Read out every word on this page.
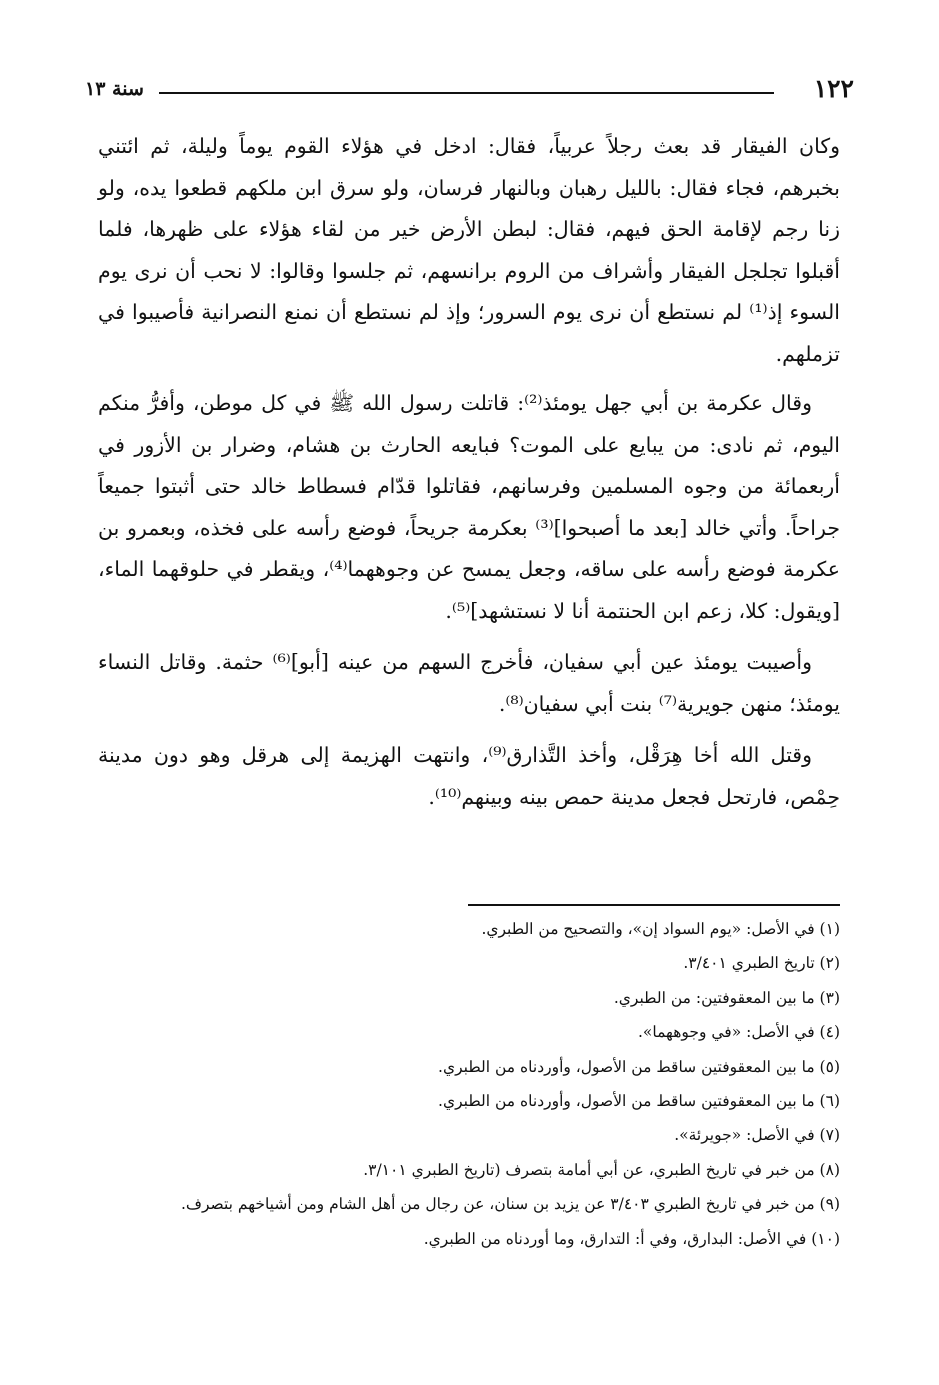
١٢٢
سنة ١٣

وكان الفيقار قد بعث رجلاً عربياً، فقال: ادخل في هؤلاء القوم يوماً وليلة، ثم ائتني بخبرهم، فجاء فقال: بالليل رهبان وبالنهار فرسان، ولو سرق ابن ملكهم قطعوا يده، ولو زنا رجم لإقامة الحق فيهم، فقال: لبطن الأرض خير من لقاء هؤلاء على ظهرها، فلما أقبلوا تجلجل الفيقار وأشراف من الروم برانسهم، ثم جلسوا وقالوا: لا نحب أن نرى يوم السوء إذ⁽¹⁾ لم نستطع أن نرى يوم السرور؛ وإذ لم نستطع أن نمنع النصرانية فأصيبوا في تزملهم.

وقال عكرمة بن أبي جهل يومئذ⁽²⁾: قاتلت رسول الله ﷺ في كل موطن، وأفرُّ منكم اليوم، ثم نادى: من يبايع على الموت؟ فبايعه الحارث بن هشام، وضرار بن الأزور في أربعمائة من وجوه المسلمين وفرسانهم، فقاتلوا قدّام فسطاط خالد حتى أثبتوا جميعاً جراحاً. وأتي خالد [بعد ما أصبحوا]⁽³⁾ بعكرمة جريحاً، فوضع رأسه على فخذه، وبعمرو بن عكرمة فوضع رأسه على ساقه، وجعل يمسح عن وجوههما⁽⁴⁾، ويقطر في حلوقهما الماء، [ويقول: كلا، زعم ابن الحنتمة أنا لا نستشهد]⁽⁵⁾.

وأصيبت يومئذ عين أبي سفيان، فأخرج السهم من عينه [أبو]⁽⁶⁾ حثمة. وقاتل النساء يومئذ؛ منهن جويرية⁽⁷⁾ بنت أبي سفيان⁽⁸⁾.

وقتل الله أخا هِرَقْل، وأخذ التَّذارق⁽⁹⁾، وانتهت الهزيمة إلى هرقل وهو دون مدينة حِمْص، فارتحل فجعل مدينة حمص بينه وبينهم⁽¹⁰⁾.

(١) في الأصل: «يوم السواد إن»، والتصحيح من الطبري.
(٢) تاريخ الطبري ٣/٤٠١.
(٣) ما بين المعقوفتين: من الطبري.
(٤) في الأصل: «في وجوههما».
(٥) ما بين المعقوفتين ساقط من الأصول، وأوردناه من الطبري.
(٦) ما بين المعقوفتين ساقط من الأصول، وأوردناه من الطبري.
(٧) في الأصل: «جويرئة».
(٨) من خبر في تاريخ الطبري، عن أبي أمامة بتصرف (تاريخ الطبري ٣/١٠١.
(٩) من خبر في تاريخ الطبري ٣/٤٠٣ عن يزيد بن سنان، عن رجال من أهل الشام ومن أشياخهم بتصرف.
(١٠) في الأصل: البدارق، وفي أ: التدارق، وما أوردناه من الطبري.
